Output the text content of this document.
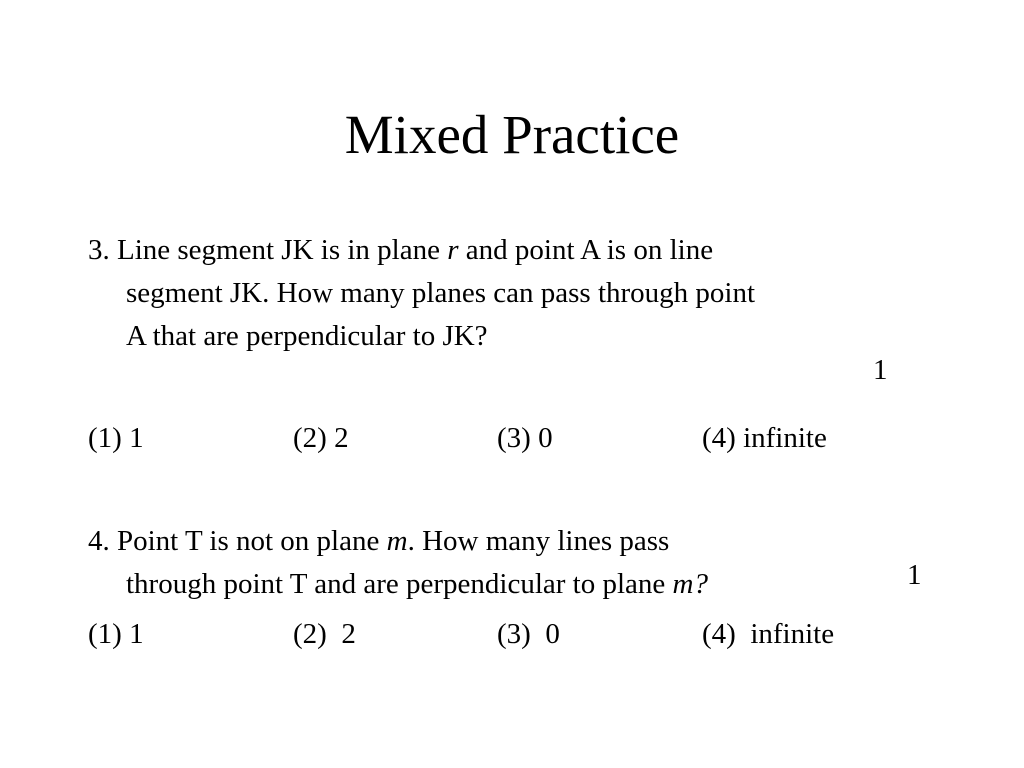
Mixed Practice
3. Line segment JK is in plane r and point A is on line
segment JK. How many planes can pass through point
A that are perpendicular to JK?
1
(1) 1	(2) 2	(3) 0	(4) infinite
4. Point T is not on plane m. How many lines pass
through point T and are perpendicular to plane m?	1
(1) 1	(2)  2	(3)  0	(4)  infinite
